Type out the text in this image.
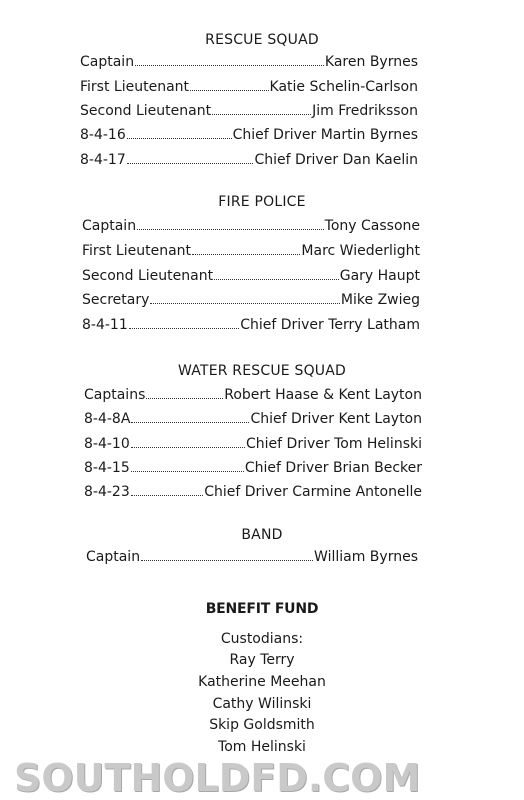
RESCUE SQUAD
Captain	Karen Byrnes
First Lieutenant	Katie Schelin-Carlson
Second Lieutenant	Jim Fredriksson
8-4-16	Chief Driver Martin Byrnes
8-4-17	Chief Driver Dan Kaelin
FIRE POLICE
Captain	Tony Cassone
First Lieutenant	Marc Wiederlight
Second Lieutenant	Gary Haupt
Secretary	Mike Zwieg
8-4-11	Chief Driver Terry Latham
WATER RESCUE SQUAD
Captains	Robert Haase & Kent Layton
8-4-8A	Chief Driver Kent Layton
8-4-10	Chief Driver Tom Helinski
8-4-15	Chief Driver Brian Becker
8-4-23	Chief Driver Carmine Antonelle
BAND
Captain	William Byrnes
BENEFIT FUND
Custodians:
Ray Terry
Katherine Meehan
Cathy Wilinski
Skip Goldsmith
Tom Helinski
SOUTHOLDFD.COM
